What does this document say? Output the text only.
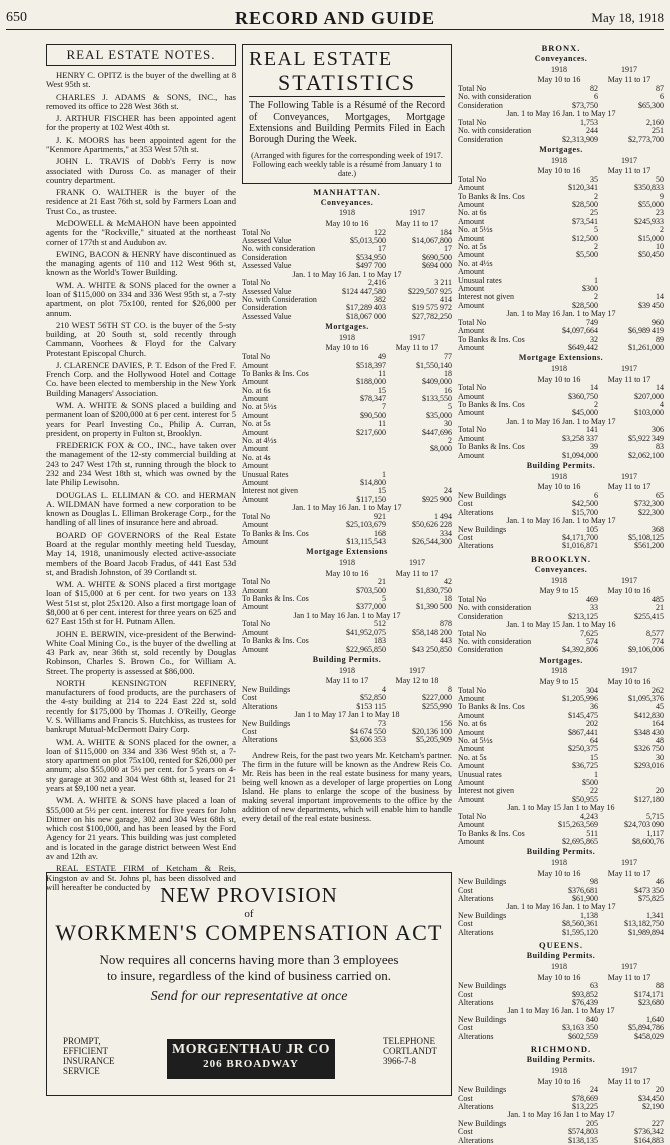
650	RECORD AND GUIDE	May 18, 1918
REAL ESTATE NOTES.

HENRY C. OPITZ is the buyer of the dwelling at 8 West 95th st.

CHARLES J. ADAMS & SONS, INC., has removed its office to 228 West 36th st.

J. ARTHUR FISCHER has been appointed agent for the property at 102 West 40th st.

J. K. MOORS has been appointed agent for the "Kenmore Apartments," at 353 West 57th st.

JOHN L. TRAVIS of Dobb's Ferry is now associated with Duross Co. as manager of their country department.

FRANK O. WALTHER is the buyer of the residence at 21 East 76th st, sold by Farmers Loan and Trust Co., as trustee.

McDOWELL & McMAHON have been appointed agents for the "Rockville," situated at the northeast corner of 177th st and Audubon av.

EWING, BACON & HENRY have discontinued as the managing agents of 110 and 112 West 96th st, known as the World's Tower Building.

WM. A. WHITE & SONS placed for the owner a loan of $115,000 on 334 and 336 West 95th st, a 7-sty apartment, on plot 75x100, rented for $26,000 per annum.

210 WEST 56TH ST CO. is the buyer of the 5-sty building, at 20 South st, sold recently through Cammann, Voorhees & Floyd for the Calvary Protestant Episcopal Church.

J. CLARENCE DAVIES, P. T. Edson of the Fred F. French Corp. and the Hollywood Hotel and Cottage Co. have been elected to membership in the New York Building Managers' Association.

WM. A. WHITE & SONS placed a building and permanent loan of $200,000 at 6 per cent. interest for 5 years for Pearl Investing Co., Philip A. Curran, president, on property in Fulton st, Brooklyn.

FREDERICK FOX & CO., INC., have taken over the management of the 12-sty commercial building at 243 to 247 West 17th st, running through the block to 232 and 234 West 18th st, which was owned by the late Philip Lewisohn.

DOUGLAS L. ELLIMAN & CO. and HERMAN A. WILDMAN have formed a new corporation to be known as Douglas L. Elliman Brokerage Corp., for the handling of all lines of insurance here and abroad.

BOARD OF GOVERNORS of the Real Estate Board at the regular monthly meeting held Tuesday, May 14, 1918, unanimously elected active-associate members of the Board Jacob Fradus, of 441 East 53d st, and Bradish Johnston, of 39 Cortlandt st.

WM. A. WHITE & SONS placed a first mortgage loan of $15,000 at 6 per cent. for two years on 133 West 51st st, plot 25x120. Also a first mortgage loan of $8,000 at 6 per cent. interest for three years on 625 and 627 East 15th st for H. Putnam Allen.

JOHN E. BERWIN, vice-president of the Berwind-White Coal Mining Co., is the buyer of the dwelling at 43 Park av, near 36th st, sold recently by Douglas Robinson, Charles S. Brown Co., for William A. Street. The property is assessed at $86,000.

NORTH KENSINGTON REFINERY, manufacturers of food products, are the purchasers of the 4-sty building at 214 to 224 East 22d st, sold recently for $175,000 by Thomas J. O'Reilly, George V. S. Williams and Francis S. Hutchkiss, as trustees for bankrupt Mutual-McDermott Dairy Corp.

WM. A. WHITE & SONS placed for the owner, a loan of $115,000 on 334 and 336 West 95th st, a 7-story apartment on plot 75x100, rented for $26,000 per annum; also $55,000 at 5½ per cent. for 5 years on 4-sty garage at 302 and 304 West 68th st, leased for 21 years at $9,100 net a year.

WM. A. WHITE & SONS have placed a loan of $55,000 at 5½ per cent. interest for five years for John Dittner on his new garage, 302 and 304 West 68th st, which cost $100,000, and has been leased by the Ford Agency for 21 years. This building was just completed and is located in the garage district between West End av and 12th av.

REAL ESTATE FIRM of Ketcham & Reis, Kingston av and St. Johns pl, has been dissolved and will hereafter be conducted by

REAL ESTATE
STATISTICS
The Following Table is a Résumé of the Record of Conveyances, Mortgages, Mortgage Extensions and Building Permits Filed in Each Borough During the Week.
(Arranged with figures for the corresponding week of 1917. Following each weekly table is a résumé from January 1 to date.)
MANHATTAN.
Conveyances.
1918	1917
May 10 to 16	May 11 to 17
Total No	122	184
Assessed Value	$5,013,500	$14,067,800
No. with consideration	17	17
Consideration	$534,950	$690,500
Assessed Value	$497 700	$694 000
Jan. 1 to May 16 Jan. 1 to May 17
Total No	2,416	3 211
Assessed Value	$124 447,580	$229,507 925
No. with Consideration	382	414
Consideration	$17,289 403	$19 575 972
Assessed Value	$18,067 000	$27,782,250
Mortgages.
1918	1917
May 10 to 16	May 11 to 17
Total No	49	77
Amount	$518,397	$1,550,140
To Banks & Ins. Cos	11	18
Amount	$188,000	$409,000
No. at 6s	15	16
Amount	$78,347	$133,550
No. at 5½s	7	5
Amount	$90,500	$35,000
No. at 5s	11	30
Amount	$217,600	$447,696
No. at 4½s	2
Amount	$8,000
No. at 4s
Amount
Unusual Rates	1
Amount	$14,800
Interest not given	15	24
Amount	$117,150	$925 900
Jan. 1 to May 16 Jan. 1 to May 17
Total No	921	1 494
Amount	$25,103,679	$50,626 228
To Banks & Ins. Cos	168	334
Amount	$13,115,543	$26,544,300
Mortgage Extensions
1918	1917
May 10 to 16	May 11 to 17
Total No	21	42
Amount	$703,500	$1,830,750
To Banks & Ins. Cos	5	18
Amount	$377,000	$1,390 500
Jan 1 to May 16 Jan. 1 to May 17
Total No	512	878
Amount	$41,952,075	$58,148 200
To Banks & Ins. Cos	183	443
Amount	$22,965,850	$43 250,850
Building Permits.
1918	1917
May 11 to 17	May 12 to 18
New Buildings	4	8
Cost	$52,850	$227,000
Alterations	$153 115	$255,990
Jan 1 to May 17 Jan 1 to May 18
New Buildings	73	156
Cost	$4 674 550	$20,136 100
Alterations	$3,606 353	$5,205,909
Andrew Reis, for the past two years Mr. Ketcham's partner. The firm in the future will be known as the Andrew Reis Co. Mr. Reis has been in the real estate business for many years, being well known as a developer of large properties on Long Island. He plans to enlarge the scope of the business by making several important improvements to the office by the addition of new departments, which will enable him to handle every detail of the real estate business.
BRONX.
Conveyances.
1918	1917
May 10 to 16	May 11 to 17
Total No	82	87
No. with consideration	6	6
Consideration	$73,750	$65,300
Jan. 1 to May 16 Jan. 1 to May 17
Total No	1,753	2,160
No. with consideration	244	251
Consideration	$2,313,909	$2,773,700
Mortgages.
1918	1917
May 10 to 16	May 11 to 17
Total No	35	50
Amount	$120,341	$350,833
To Banks & Ins. Cos	2	9
Amount	$28,500	$55,000
No. at 6s	25	23
Amount	$73,541	$245,933
No. at 5½s	5	2
Amount	$12,500	$15,000
No. at 5s	2	10
Amount	$5,500	$50,450
No. at 4½s
Amount
Unusual rates	1
Amount	$300
Interest not given	2	14
Amount	$28,500	$39 450
Jan. 1 to May 16 Jan. 1 to May 17
Total No	749	960
Amount	$4,097,664	$6,989 419
To Banks & Ins. Cos	32	89
Amount	$649,442	$1,261,000
Mortgage Extensions.
1918	1917
May 10 to 16	May 11 to 17
Total No	14	14
Amount	$360,750	$207,000
To Banks & Ins. Cos	2	4
Amount	$45,000	$103,000
Jan. 1 to May 16 Jan. 1 to May 17
Total No	141	306
Amount	$3,258 337	$5,922 349
To Banks & Ins. Cos	39	83
Amount	$1,094,000	$2,062,100
Building Permits.
1918	1917
May 10 to 16	May 11 to 17
New Buildings	6	65
Cost	$42,500	$732,300
Alterations	$15,700	$22,300
Jan. 1 to May 16 Jan. 1 to May 17
New Buildings	105	368
Cost	$4,171,700	$5,108,125
Alterations	$1,016,871	$561,200
BROOKLYN.
Conveyances.
1918	1917
May 9 to 15	May 10 to 16
Total No	469	485
No. with consideration	33	21
Consideration	$213,125	$255,415
Jan. 1 to May 15 Jan. 1 to May 16
Total No	7,625	8,577
No. with consideration	574	774
Consideration	$4,392,806	$9,106,006
Mortgages.
1918	1917
May 9 to 15	May 10 to 16
Total No	304	262
Amount	$1,205,996	$1,095,376
To Banks & Ins. Cos	36	45
Amount	$145,475	$412,830
No. at 6s	202	164
Amount	$867,441	$348 430
No. at 5½s	64	48
Amount	$250,375	$326 750
No. at 5s	15	30
Amount	$36,725	$293,016
Unusual rates	1
Amount	$500
Interest not given	22	20
Amount	$50,955	$127,180
Jan. 1 to May 15 Jan 1 to May 16
Total No	4,243	5,715
Amount	$15,263,569	$24,703 090
To Banks & Ins. Cos	511	1,117
Amount	$2,695,865	$8,600,76
Building Permits.
1918	1917
May 10 to 16	May 11 to 17
New Buildings	98	46
Cost	$376,681	$473 350
Alterations	$61,900	$75,825
Jan. 1 to May 16 Jan. 1 to May 17
New Buildings	1,138	1,341
Cost	$8,560,361	$13,182,750
Alterations	$1,595,120	$1,989,894
QUEENS.
Building Permits.
1918	1917
May 10 to 16	May 11 to 17
New Buildings	63	88
Cost	$93,852	$174,171
Alterations	$76,439	$23,680
Jan 1 to May 16 Jan. 1 to May 17
New Buildings	840	1,640
Cost	$3,163 350	$5,894,786
Alterations	$602,559	$458,029
RICHMOND.
Building Permits.
1918	1917
May 10 to 16	May 11 to 17
New Buildings	24	20
Cost	$78,669	$34,450
Alterations	$13,225	$2,190
Jan. 1 to May 16 Jan 1 to May 17
New Buildings	205	227
Cost	$574,803	$736,342
Alterations	$138,135	$164,883
NEW PROVISION
of
WORKMEN'S COMPENSATION ACT
Now requires all concerns having more than 3 employees
to insure, regardless of the kind of business carried on.
Send for our representative at once
PROMPT,
EFFICIENT
INSURANCE
SERVICE
MORGENTHAU JR CO
206 BROADWAY
TELEPHONE
CORTLANDT
3966-7-8
